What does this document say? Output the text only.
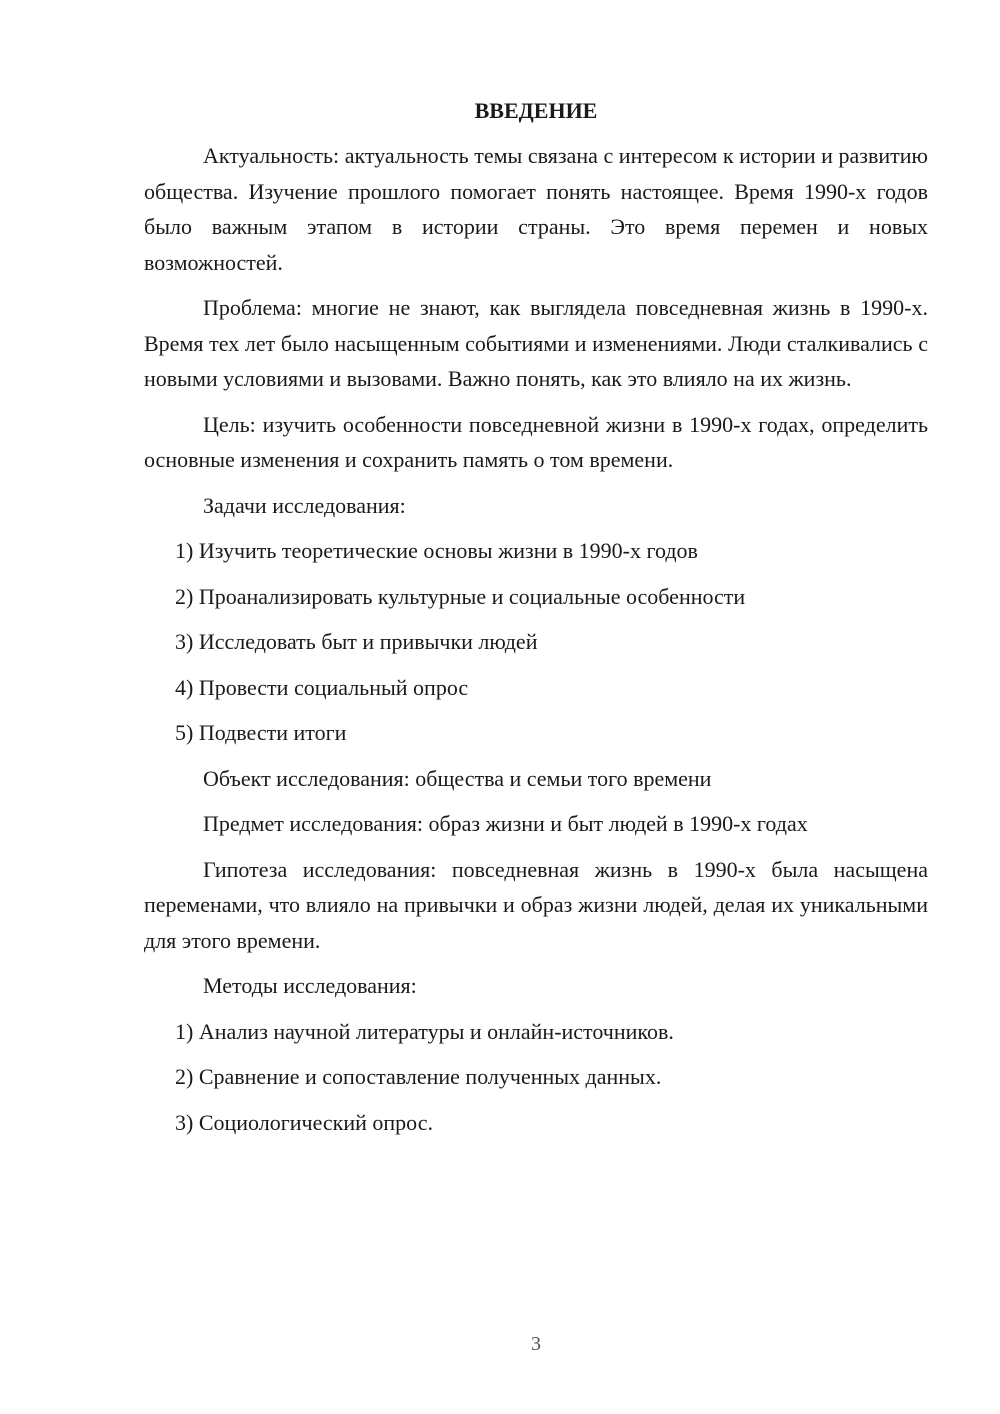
ВВЕДЕНИЕ

Актуальность: актуальность темы связана с интересом к истории и развитию общества. Изучение прошлого помогает понять настоящее. Время 1990-х годов было важным этапом в истории страны. Это время перемен и новых возможностей.

Проблема: многие не знают, как выглядела повседневная жизнь в 1990-х. Время тех лет было насыщенным событиями и изменениями. Люди сталкивались с новыми условиями и вызовами. Важно понять, как это влияло на их жизнь.

Цель: изучить особенности повседневной жизни в 1990-х годах, определить основные изменения и сохранить память о том времени.

Задачи исследования:

1) Изучить теоретические основы жизни в 1990-х годов

2) Проанализировать культурные и социальные особенности

3) Исследовать быт и привычки людей

4) Провести социальный опрос

5) Подвести итоги

Объект исследования: общества и семьи того времени

Предмет исследования: образ жизни и быт людей в 1990-х годах

Гипотеза исследования: повседневная жизнь в 1990-х была насыщена переменами, что влияло на привычки и образ жизни людей, делая их уникальными для этого времени.

Методы исследования:

1) Анализ научной литературы и онлайн-источников.

2) Сравнение и сопоставление полученных данных.

3) Социологический опрос.

3
